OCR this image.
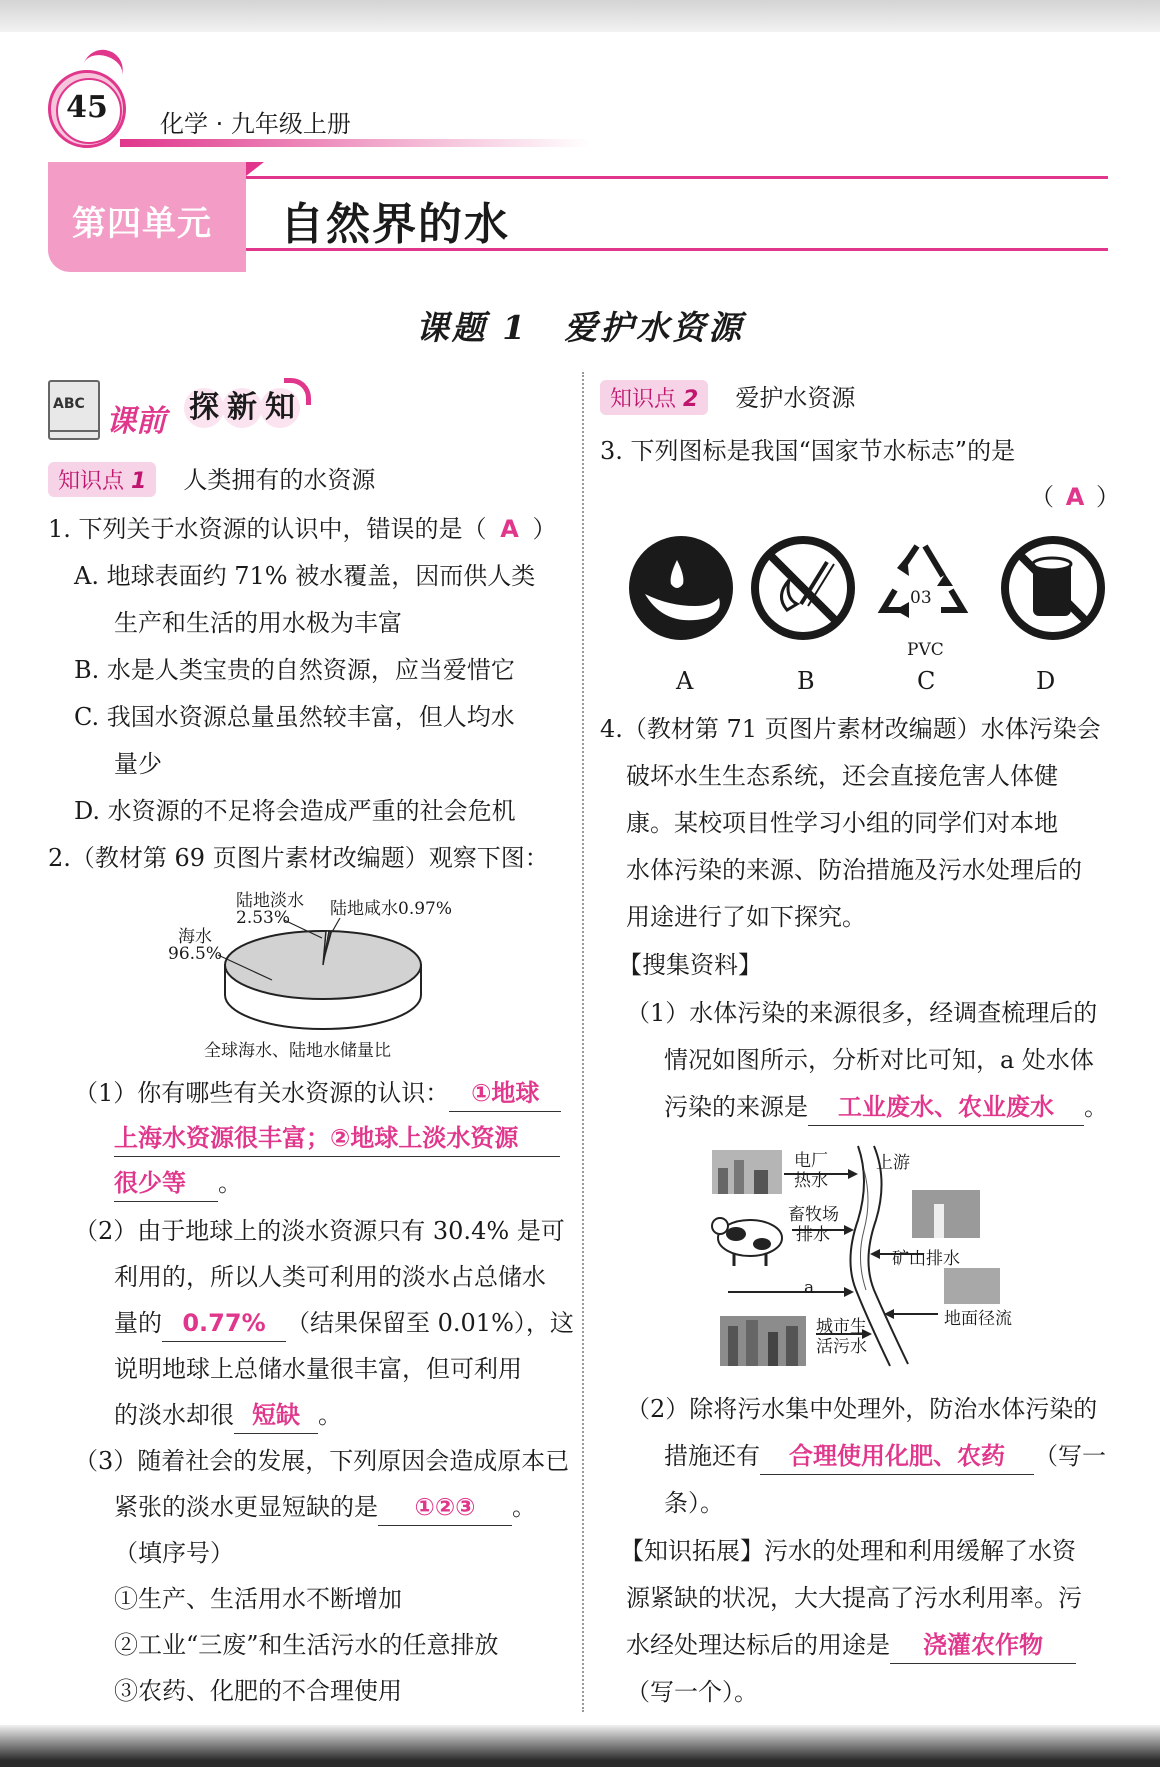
45	化学 · 九年级上册
第四单元 自然界的水
课题 1　爱护水资源
ABC 课前 探 新 知
知识点 1 人类拥有的水资源
1. 下列关于水资源的认识中，错误的是（ A ）
A. 地球表面约 71% 被水覆盖，因而供人类
生产和生活的用水极为丰富
B. 水是人类宝贵的自然资源，应当爱惜它
C. 我国水资源总量虽然较丰富，但人均水
量少
D. 水资源的不足将会造成严重的社会危机
2.（教材第 69 页图片素材改编题）观察下图：
陆地淡水
2.53% 陆地咸水0.97%
海水
96.5%
全球海水、陆地水储量比
（1）你有哪些有关水资源的认识： ①地球
上海水资源很丰富；②地球上淡水资源
很少等 。
（2）由于地球上的淡水资源只有 30.4% 是可
利用的，所以人类可利用的淡水占总储水
量的 0.77% （结果保留至 0.01%），这
说明地球上总储水量很丰富，但可利用
的淡水却很 短缺 。
（3）随着社会的发展，下列原因会造成原本已
紧张的淡水更显短缺的是 ①②③ 。
（填序号）
①生产、生活用水不断增加
②工业“三废”和生活污水的任意排放
③农药、化肥的不合理使用
知识点 2 爱护水资源
3. 下列图标是我国“国家节水标志”的是
（ A ）
03
PVC
A	B	C	D
4.（教材第 71 页图片素材改编题）水体污染会
破坏水生生态系统，还会直接危害人体健
康。某校项目性学习小组的同学们对本地
水体污染的来源、防治措施及污水处理后的
用途进行了如下探究。
【搜集资料】
（1）水体污染的来源很多，经调查梳理后的
情况如图所示，分析对比可知，a 处水体
污染的来源是 工业废水、农业废水 。
电厂
热水
上游
畜牧场
排水
矿山排水
a
城市生
活污水
地面径流
（2）除将污水集中处理外，防治水体污染的
措施还有 合理使用化肥、农药 （写一
条）。
【知识拓展】污水的处理和利用缓解了水资
源紧缺的状况，大大提高了污水利用率。污
水经处理达标后的用途是 浇灌农作物
（写一个）。
